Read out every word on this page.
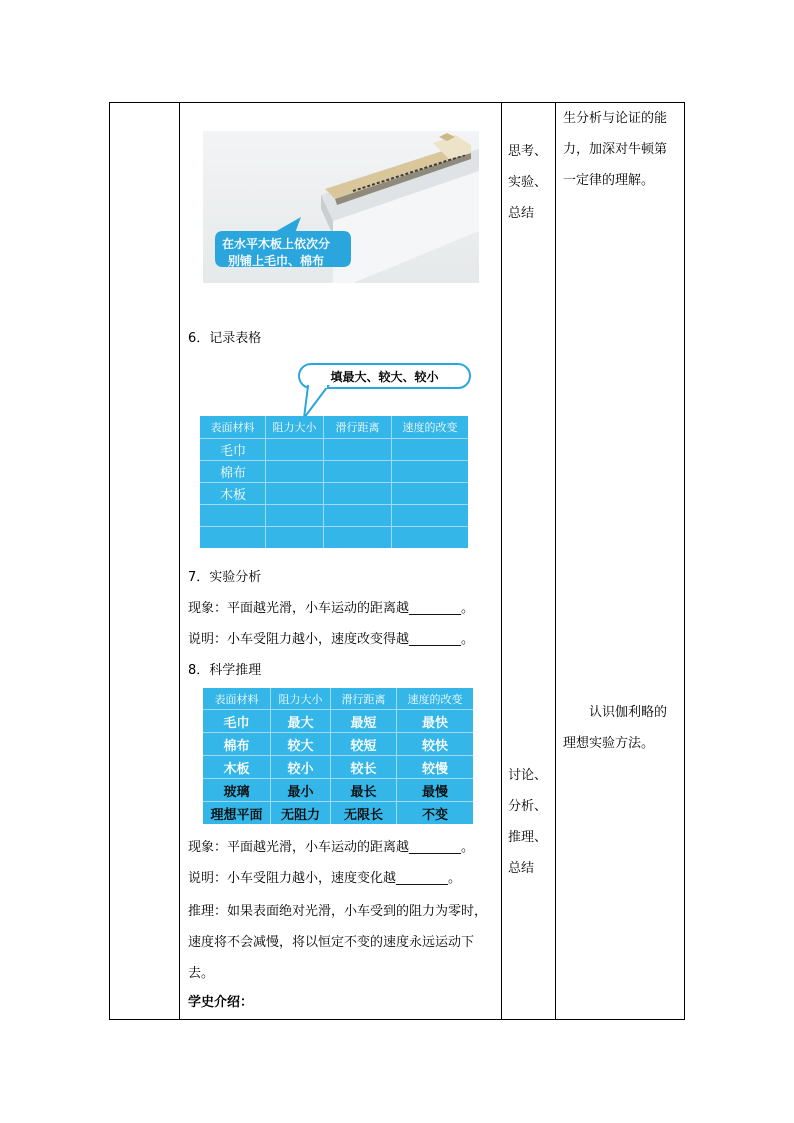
在水平木板上依次分
别铺上毛巾、棉布
6．记录表格
填最大、较大、较小
表面材料	阻力大小	滑行距离	速度的改变
毛巾
棉布
木板
7．实验分析
现象：平面越光滑，小车运动的距离越________。
说明：小车受阻力越小，速度改变得越________。
8．科学推理
表面材料	阻力大小	滑行距离	速度的改变
毛巾	最大	最短	最快
棉布	较大	较短	较快
木板	较小	较长	较慢
玻璃	最小	最长	最慢
理想平面	无阻力	无限长	不变
现象：平面越光滑，小车运动的距离越________。
说明：小车受阻力越小，速度变化越________。
推理：如果表面绝对光滑，小车受到的阻力为零时，速度将不会减慢，将以恒定不变的速度永远运动下去。
学史介绍：
思考、
实验、
总结
讨论、
分析、
推理、
总结
生分析与论证的能
力，加深对牛顿第
一定律的理解。
认识伽利略的
理想实验方法。
